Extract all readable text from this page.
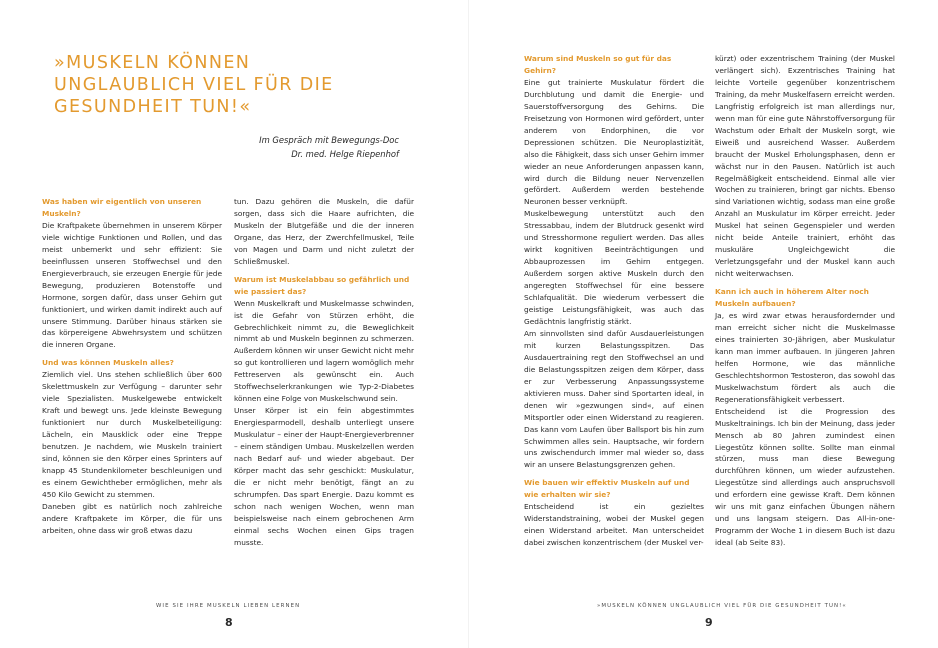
»MUSKELN KÖNNEN
UNGLAUBLICH VIEL FÜR DIE
GESUNDHEIT TUN!«
Im Gespräch mit Bewegungs-Doc
Dr. med. Helge Riepenhof
Was haben wir eigentlich von unseren Muskeln?

Die Kraftpakete übernehmen in unserem Körper viele wichtige Funktionen und Rollen, und das meist unbemerkt und sehr effizient: Sie beeinflussen unseren Stoffwechsel und den Energieverbrauch, sie erzeugen Energie für jede Bewegung, produzieren Botenstoffe und Hormone, sorgen dafür, dass unser Gehirn gut funktioniert, und wirken damit indirekt auch auf unsere Stimmung. Darüber hinaus stärken sie das körpereigene Abwehrsystem und schützen die inneren Organe.

Und was können Muskeln alles?

Ziemlich viel. Uns stehen schließlich über 600 Skelettmuskeln zur Verfügung – darunter sehr viele Spezialisten. Muskelgewebe entwickelt Kraft und bewegt uns. Jede kleinste Bewegung funktioniert nur durch Muskelbeteiligung: Lächeln, ein Mausklick oder eine Treppe benutzen. Je nachdem, wie Muskeln trainiert sind, können sie den Körper eines Sprinters auf knapp 45 Stundenkilometer beschleunigen und es einem Gewichtheber ermöglichen, mehr als 450 Kilo Gewicht zu stemmen.

Daneben gibt es natürlich noch zahlreiche andere Kraftpakete im Körper, die für uns arbeiten, ohne dass wir groß etwas dazu

tun. Dazu gehören die Muskeln, die dafür sorgen, dass sich die Haare aufrichten, die Muskeln der Blutgefäße und die der inneren Organe, das Herz, der Zwerchfellmuskel, Teile von Magen und Darm und nicht zuletzt der Schließmuskel.

Warum ist Muskelabbau so gefährlich und wie passiert das?

Wenn Muskelkraft und Muskelmasse schwinden, ist die Gefahr von Stürzen erhöht, die Gebrechlichkeit nimmt zu, die Beweglichkeit nimmt ab und Muskeln beginnen zu schmerzen. Außerdem können wir unser Gewicht nicht mehr so gut kontrollieren und lagern womöglich mehr Fettreserven als gewünscht ein. Auch Stoffwechselerkrankungen wie Typ-2-Diabetes können eine Folge von Muskelschwund sein.

Unser Körper ist ein fein abgestimmtes Energiesparmodell, deshalb unterliegt unsere Muskulatur – einer der Haupt-Energieverbrenner – einem ständigen Umbau. Muskelzellen werden nach Bedarf auf- und wieder abgebaut. Der Körper macht das sehr geschickt: Muskulatur, die er nicht mehr benötigt, fängt an zu schrumpfen. Das spart Energie. Dazu kommt es schon nach wenigen Wochen, wenn man beispielsweise nach einem gebrochenen Arm einmal sechs Wochen einen Gips tragen musste.

WIE SIE IHRE MUSKELN LIEBEN LERNEN
8
Warum sind Muskeln so gut für das Gehirn?

Eine gut trainierte Muskulatur fördert die Durchblutung und damit die Energie- und Sauerstoffversorgung des Gehirns. Die Freisetzung von Hormonen wird gefördert, unter anderem von Endorphinen, die vor Depressionen schützen. Die Neuroplastizität, also die Fähigkeit, dass sich unser Gehirn immer wieder an neue Anforderungen anpassen kann, wird durch die Bildung neuer Nervenzellen gefördert. Außerdem werden bestehende Neuronen besser verknüpft.

Muskelbewegung unterstützt auch den Stressabbau, indem der Blutdruck gesenkt wird und Stresshormone reguliert werden. Das alles wirkt kognitiven Beeinträchtigungen und Abbauprozessen im Gehirn entgegen. Außerdem sorgen aktive Muskeln durch den angeregten Stoffwechsel für eine bessere Schlafqualität. Die wiederum verbessert die geistige Leistungsfähigkeit, was auch das Gedächtnis langfristig stärkt.

Am sinnvollsten sind dafür Ausdauerleistungen mit kurzen Belastungsspitzen. Das Ausdauertraining regt den Stoffwechsel an und die Belastungsspitzen zeigen dem Körper, dass er zur Verbesserung Anpassungssysteme aktivieren muss. Daher sind Sportarten ideal, in denen wir »gezwungen sind«, auf einen Mitsportler oder einen Widerstand zu reagieren. Das kann vom Laufen über Ballsport bis hin zum Schwimmen alles sein. Hauptsache, wir fordern uns zwischendurch immer mal wieder so, dass wir an unsere Belastungsgrenzen gehen.

Wie bauen wir effektiv Muskeln auf und wie erhalten wir sie?

Entscheidend ist ein gezieltes Widerstandstraining, wobei der Muskel gegen einen Widerstand arbeitet. Man unterscheidet dabei zwischen konzentrischem (der Muskel ver-

kürzt) oder exzentrischem Training (der Muskel verlängert sich). Exzentrisches Training hat leichte Vorteile gegenüber konzentrischem Training, da mehr Muskelfasern erreicht werden. Langfristig erfolgreich ist man allerdings nur, wenn man für eine gute Nährstoffversorgung für Wachstum oder Erhalt der Muskeln sorgt, wie Eiweiß und ausreichend Wasser. Außerdem braucht der Muskel Erholungsphasen, denn er wächst nur in den Pausen. Natürlich ist auch Regelmäßigkeit entscheidend. Einmal alle vier Wochen zu trainieren, bringt gar nichts. Ebenso sind Variationen wichtig, sodass man eine große Anzahl an Muskulatur im Körper erreicht. Jeder Muskel hat seinen Gegenspieler und werden nicht beide Anteile trainiert, erhöht das muskuläre Ungleichgewicht die Verletzungsgefahr und der Muskel kann auch nicht weiterwachsen.

Kann ich auch in höherem Alter noch Muskeln aufbauen?

Ja, es wird zwar etwas herausfordernder und man erreicht sicher nicht die Muskelmasse eines trainierten 30-Jährigen, aber Muskulatur kann man immer aufbauen. In jüngeren Jahren helfen Hormone, wie das männliche Geschlechtshormon Testosteron, das sowohl das Muskelwachstum fördert als auch die Regenerationsfähigkeit verbessert.

Entscheidend ist die Progression des Muskeltrainings. Ich bin der Meinung, dass jeder Mensch ab 80 Jahren zumindest einen Liegestütz können sollte. Sollte man einmal stürzen, muss man diese Bewegung durchführen können, um wieder aufzustehen. Liegestütze sind allerdings auch anspruchsvoll und erfordern eine gewisse Kraft. Dem können wir uns mit ganz einfachen Übungen nähern und uns langsam steigern. Das All-in-one-Programm der Woche 1 in diesem Buch ist dazu ideal (ab Seite 83).

»MUSKELN KÖNNEN UNGLAUBLICH VIEL FÜR DIE GESUNDHEIT TUN!«
9
